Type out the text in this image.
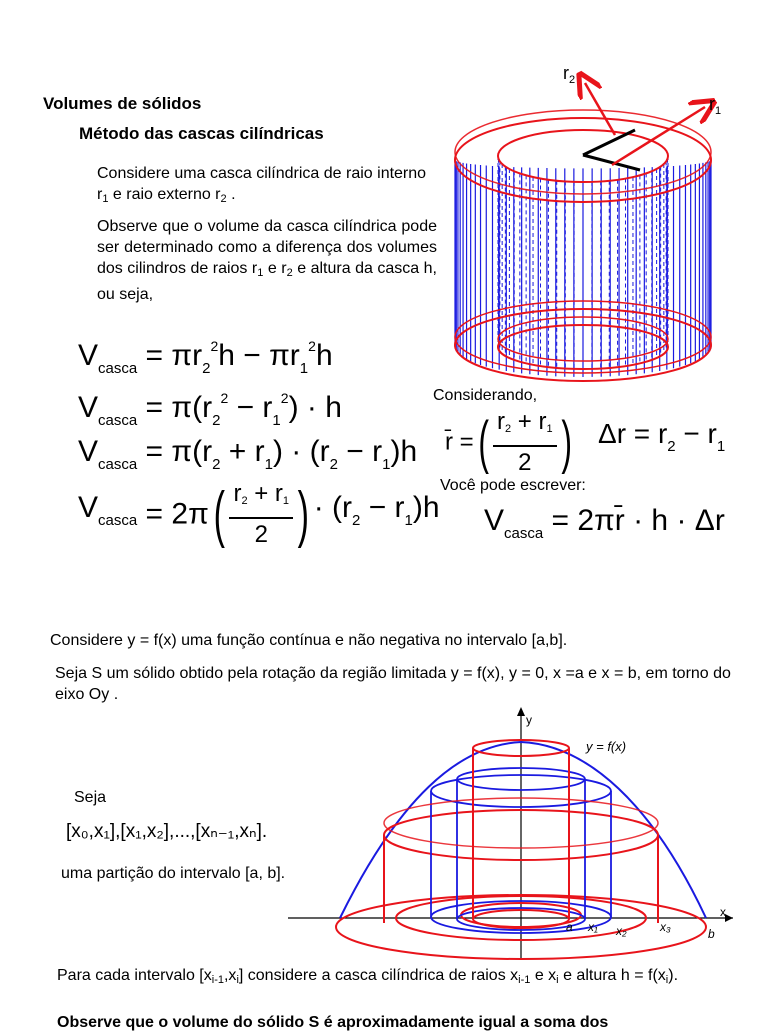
Volumes de sólidos
Método das cascas cilíndricas
Considere uma casca cilíndrica de raio interno $r_1$ e raio externo $r_2$ .
Observe que o volume da casca cilíndrica pode ser determinado como a diferença dos volumes dos cilindros de raios $r_1$ e $r_2$ e altura da casca h, ou seja,
$V_{casca} = \pi r_2^2h - \pi r_1^2h$
$V_{casca} = \pi(r_2^2 - r_1^2) \cdot h$
$V_{casca} = \pi(r_2 + r_1) \cdot (r_2 - r_1)h$
$V_{casca} = 2\pi( \frac{r_2 + r_1}{2}$ ) · $(r_2 - r_1)h$
Considerando,
r̄ =( $\frac{r_2 + r_1}{2}$ ) $\Delta r = r_2 - r_1$
Você pode escrever:
$V_{casca}$ = 2πr̄ · h · Δr
$r_2$
$r_1$
Considere y = f(x) uma função contínua e não negativa no intervalo [a,b].
Seja S um sólido obtido pela rotação da região limitada y = f(x), y = 0, x =a e x = b, em torno do eixo Oy .
Seja
[x₀,x₁],[x₁,x₂],...,[xₙ₋₁,xₙ].
uma partição do intervalo [a, b].
y
x
y = f(x)
a x₁ x₂	x₃	b
Para cada intervalo $[x_{i-1},x_i]$ considere a casca cilíndrica de raios $x_{i-1}$ e $x_i$ e altura $h = f(x_i)$.
Observe que o volume do sólido S é aproximadamente igual a soma dos
